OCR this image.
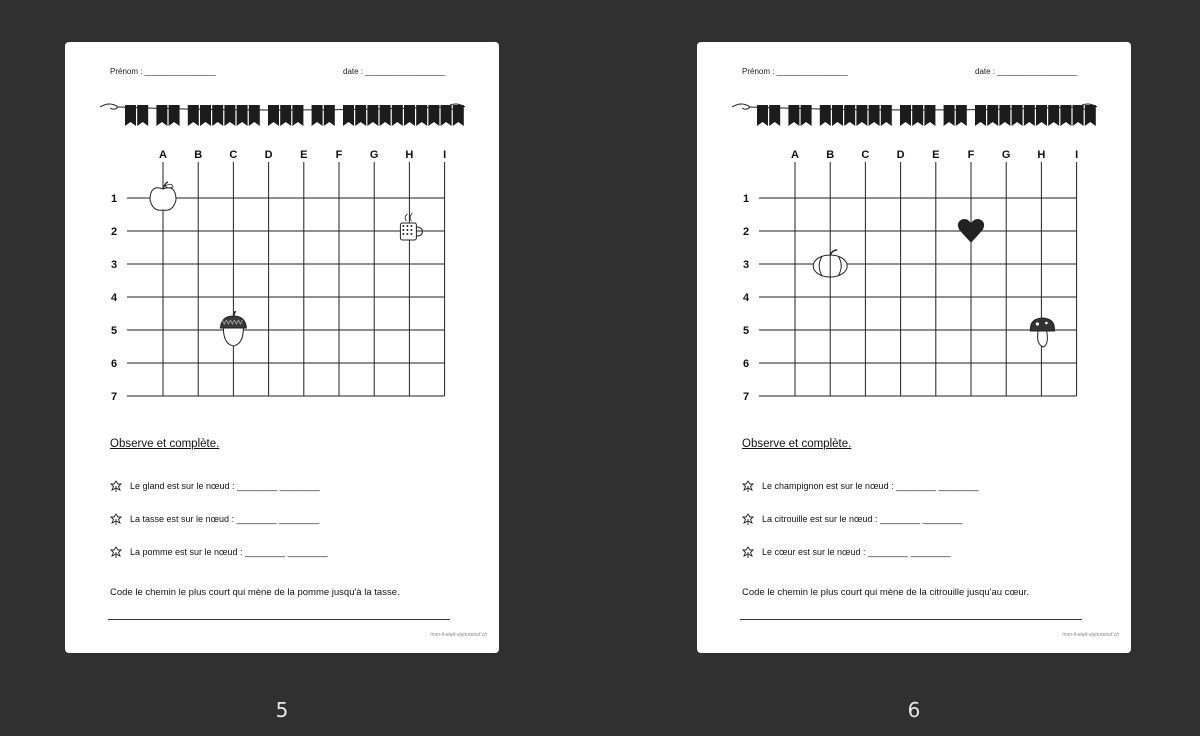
Prénom : ________________	date : __________________
A B C D	E	F	G H	I
1
2
3
4
5
6
7
Observe et complète.
Le gland est sur le nœud : ________ ________
La tasse est sur le nœud : ________ ________
La pomme est sur le nœud : ________ ________
Code le chemin le plus court qui mène de la pomme jusqu'à la tasse.
mon-il-etait-unjourenuf.ch
5
Prénom : ________________	date : __________________
A B C D	E	F	G H	I
1
2
3
4
5
6
7
Observe et complète.
Le champignon est sur le nœud : ________ ________
La citrouille est sur le nœud : ________ ________
Le cœur est sur le nœud : ________ ________
Code le chemin le plus court qui mène de la citrouille jusqu'au cœur.
mon-il-etait-unjourenuf.ch
6
